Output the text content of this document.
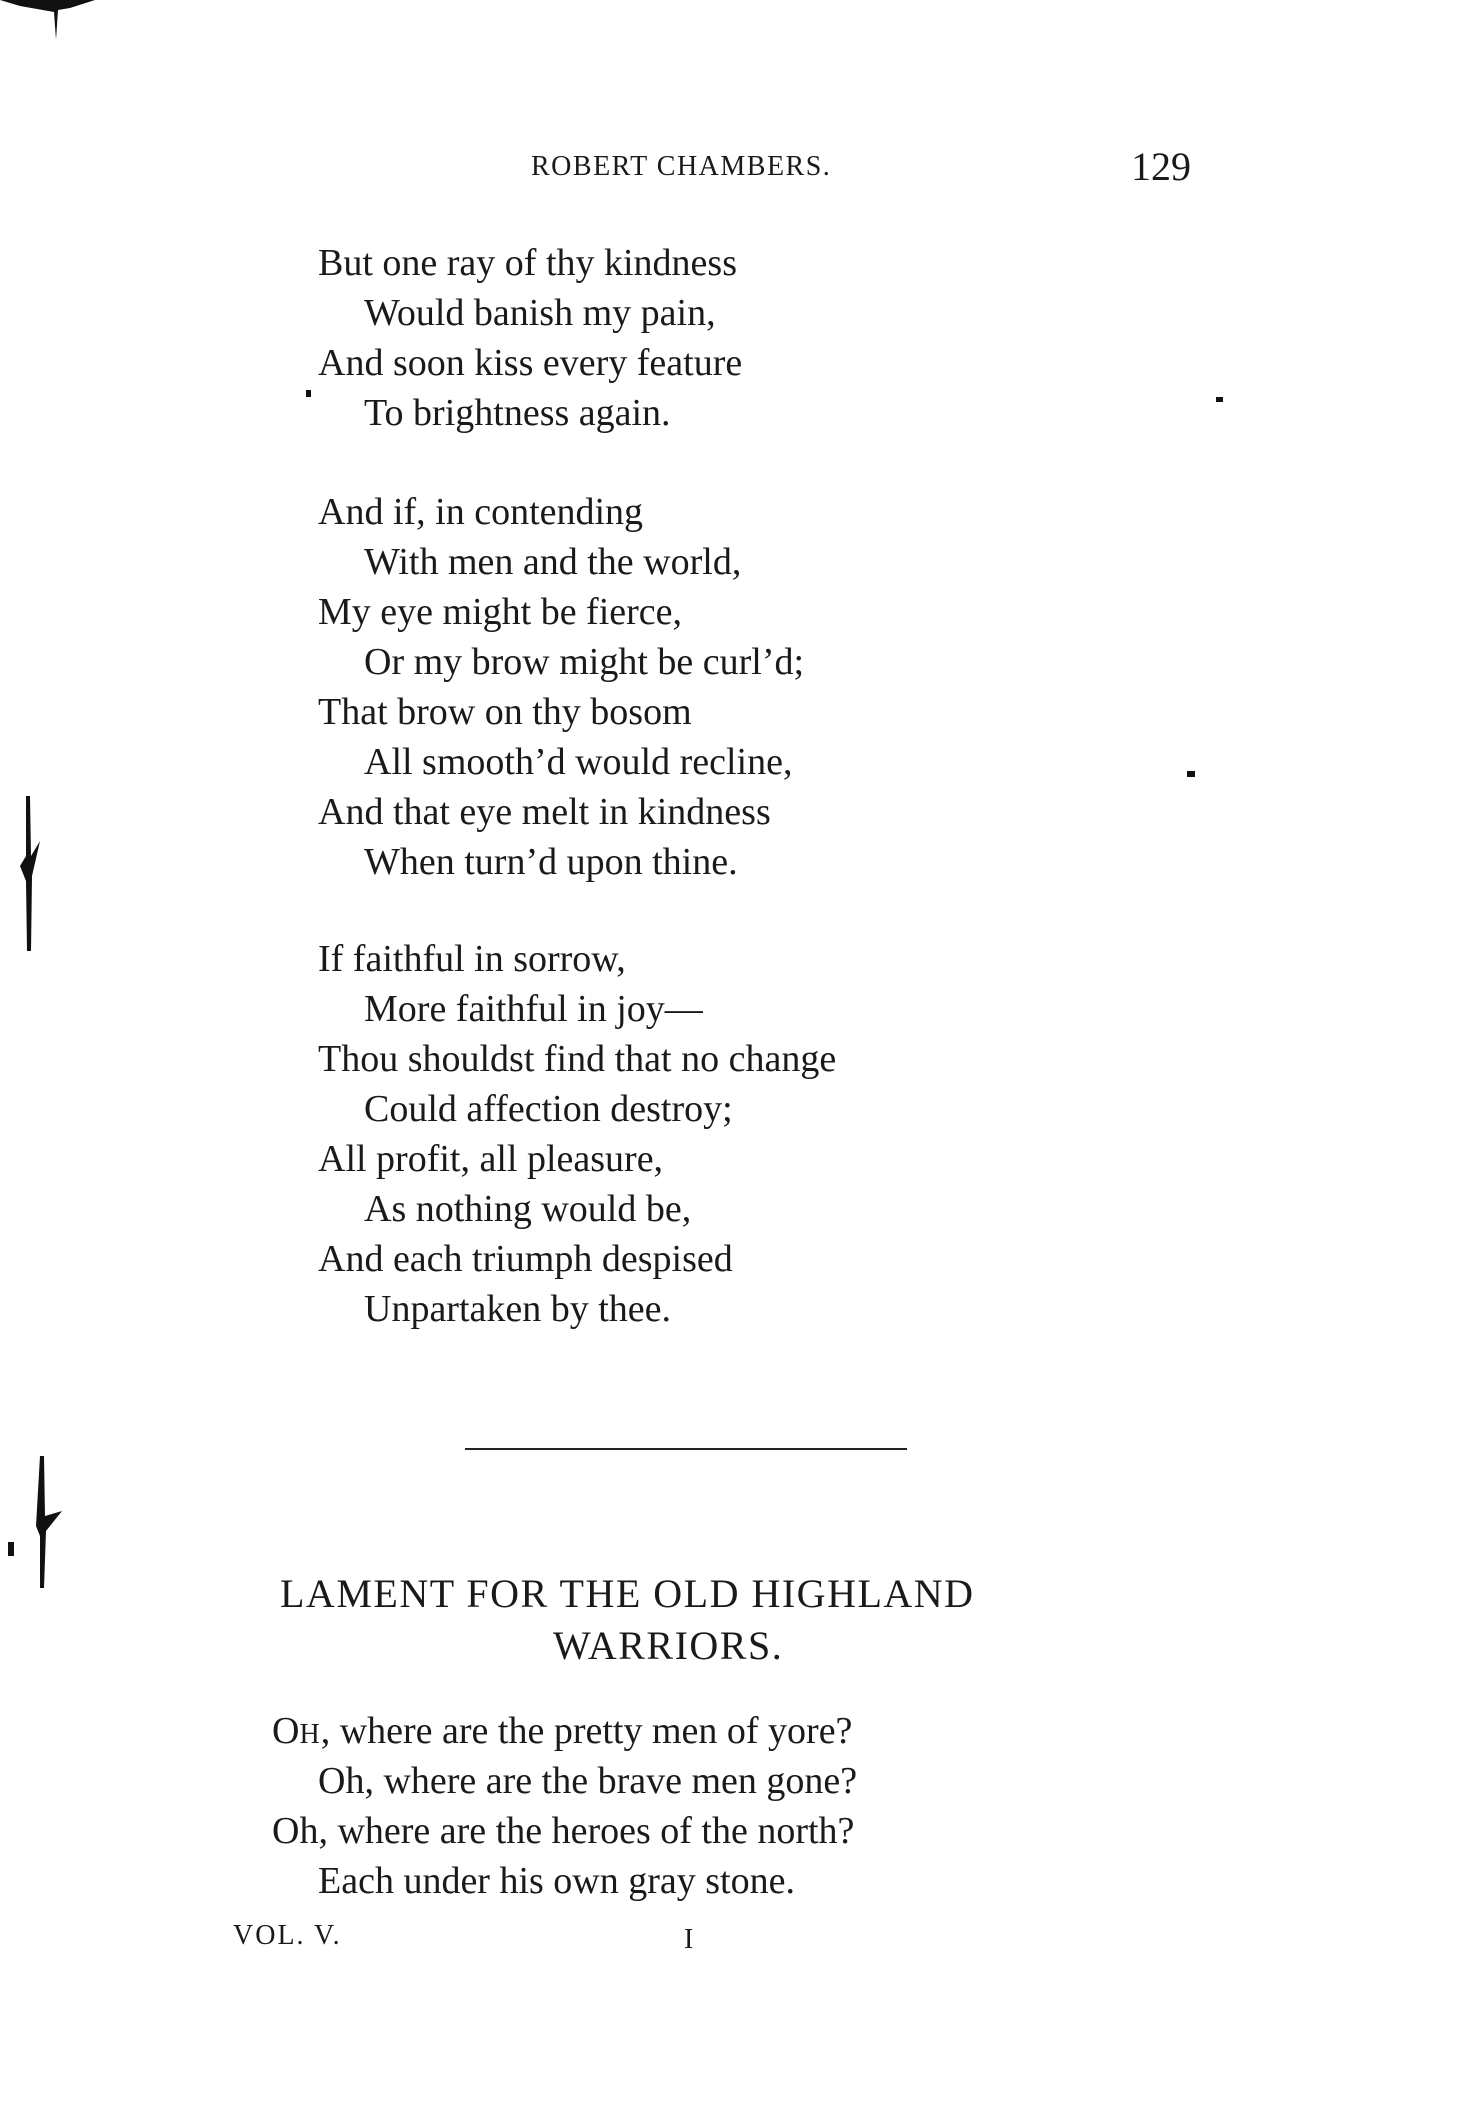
ROBERT CHAMBERS.	129
But one ray of thy kindness
Would banish my pain,
And soon kiss every feature
To brightness again.
And if, in contending
With men and the world,
My eye might be fierce,
Or my brow might be curl’d;
That brow on thy bosom
All smooth’d would recline,
And that eye melt in kindness
When turn’d upon thine.
If faithful in sorrow,
More faithful in joy—
Thou shouldst find that no change
Could affection destroy;
All profit, all pleasure,
As nothing would be,
And each triumph despised
Unpartaken by thee.
LAMENT FOR THE OLD HIGHLAND
WARRIORS.
OH, where are the pretty men of yore?
Oh, where are the brave men gone?
Oh, where are the heroes of the north?
Each under his own gray stone.
VOL. V.	I
